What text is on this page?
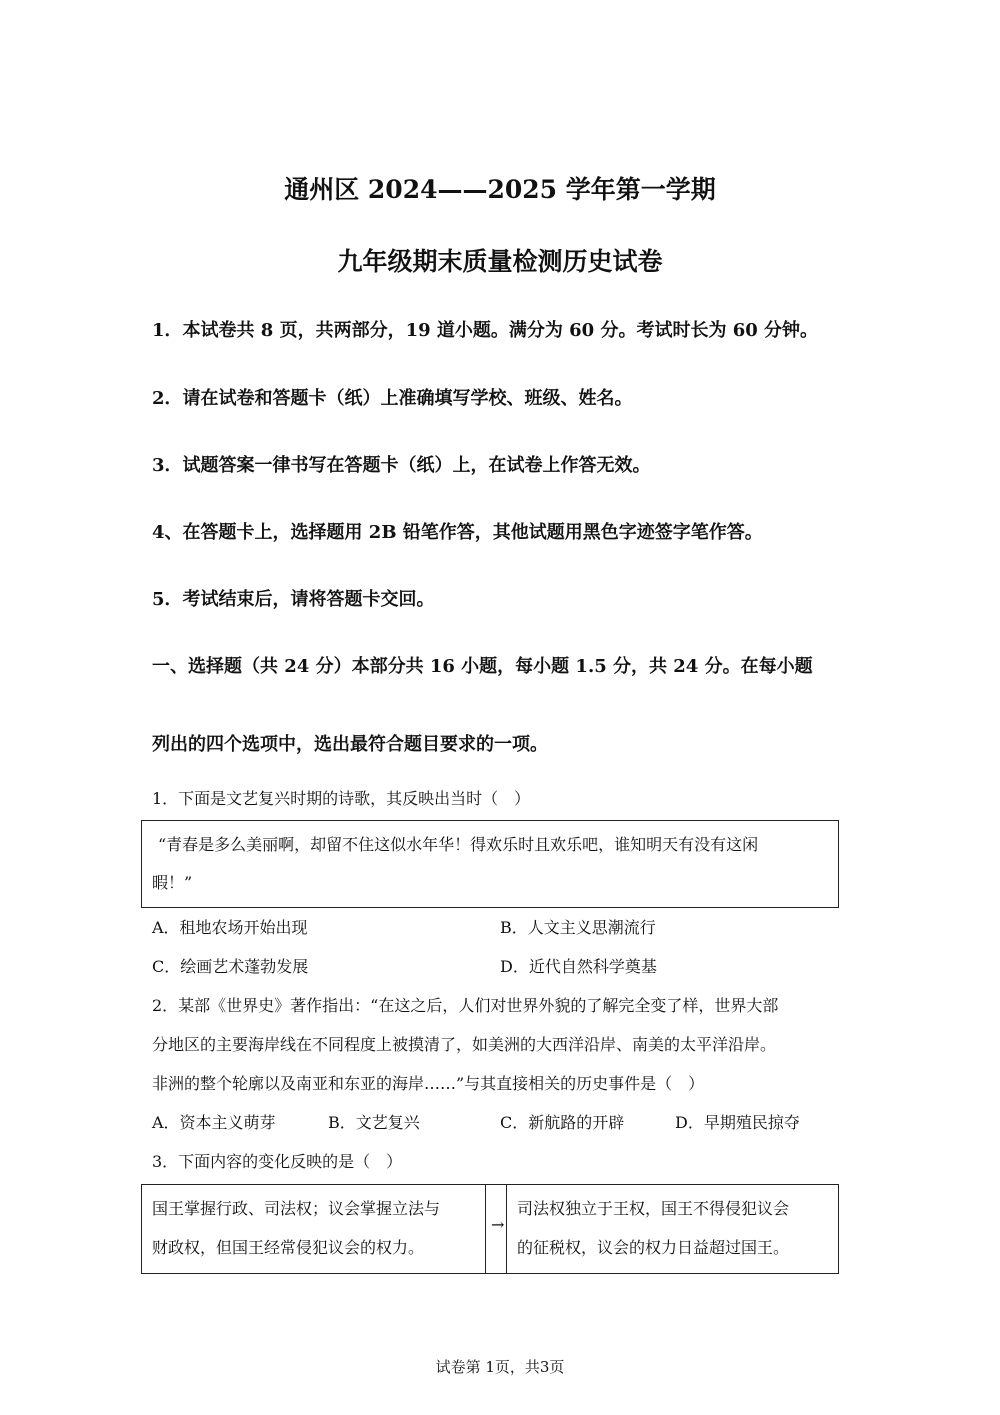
通州区 2024——2025 学年第一学期
九年级期末质量检测历史试卷
1．本试卷共 8 页，共两部分，19 道小题。满分为 60 分。考试时长为 60 分钟。
2．请在试卷和答题卡（纸）上准确填写学校、班级、姓名。
3．试题答案一律书写在答题卡（纸）上，在试卷上作答无效。
4、在答题卡上，选择题用 2B 铅笔作答，其他试题用黑色字迹签字笔作答。
5．考试结束后，请将答题卡交回。
一、选择题（共 24 分）本部分共 16 小题，每小题 1.5 分，共 24 分。在每小题
列出的四个选项中，选出最符合题目要求的一项。
1．下面是文艺复兴时期的诗歌，其反映出当时（　）
“青春是多么美丽啊，却留不住这似水年华！得欢乐时且欢乐吧，谁知明天有没有这闲
暇！”
A．租地农场开始出现	B．人文主义思潮流行
C．绘画艺术蓬勃发展	D．近代自然科学奠基
2．某部《世界史》著作指出：“在这之后，人们对世界外貌的了解完全变了样，世界大部
分地区的主要海岸线在不同程度上被摸清了，如美洲的大西洋沿岸、南美的太平洋沿岸。
非洲的整个轮廓以及南亚和东亚的海岸……”与其直接相关的历史事件是（　）
A．资本主义萌芽	B．文艺复兴	C．新航路的开辟	D．早期殖民掠夺
3．下面内容的变化反映的是（　）
国王掌握行政、司法权；议会掌握立法与
财政权，但国王经常侵犯议会的权力。
→
司法权独立于王权，国王不得侵犯议会
的征税权，议会的权力日益超过国王。
试卷第 1页，共3页
